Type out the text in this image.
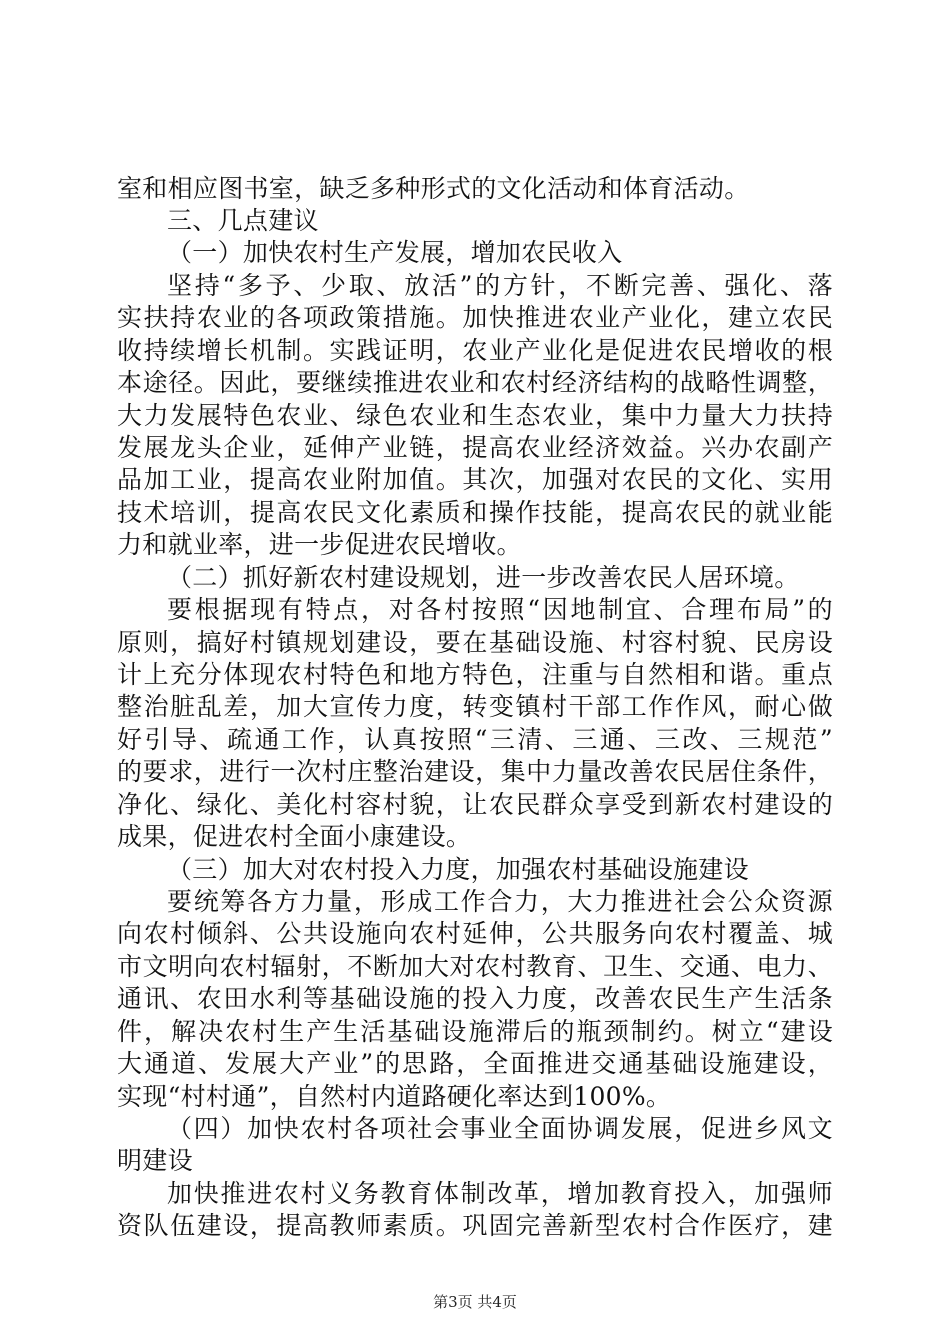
室和相应图书室，缺乏多种形式的文化活动和体育活动。
三、几点建议
（一）加快农村生产发展，增加农民收入
坚持“多予、少取、放活”的方针，不断完善、强化、落
实扶持农业的各项政策措施。加快推进农业产业化，建立农民
收持续增长机制。实践证明，农业产业化是促进农民增收的根
本途径。因此，要继续推进农业和农村经济结构的战略性调整，
大力发展特色农业、绿色农业和生态农业，集中力量大力扶持
发展龙头企业，延伸产业链，提高农业经济效益。兴办农副产
品加工业，提高农业附加值。其次，加强对农民的文化、实用
技术培训，提高农民文化素质和操作技能，提高农民的就业能
力和就业率，进一步促进农民增收。
（二）抓好新农村建设规划，进一步改善农民人居环境。
要根据现有特点，对各村按照“因地制宜、合理布局”的
原则，搞好村镇规划建设，要在基础设施、村容村貌、民房设
计上充分体现农村特色和地方特色，注重与自然相和谐。重点
整治脏乱差，加大宣传力度，转变镇村干部工作作风，耐心做
好引导、疏通工作，认真按照“三清、三通、三改、三规范”
的要求，进行一次村庄整治建设，集中力量改善农民居住条件，
净化、绿化、美化村容村貌，让农民群众享受到新农村建设的
成果，促进农村全面小康建设。
（三）加大对农村投入力度，加强农村基础设施建设
要统筹各方力量，形成工作合力，大力推进社会公众资源
向农村倾斜、公共设施向农村延伸，公共服务向农村覆盖、城
市文明向农村辐射，不断加大对农村教育、卫生、交通、电力、
通讯、农田水利等基础设施的投入力度，改善农民生产生活条
件，解决农村生产生活基础设施滞后的瓶颈制约。树立“建设
大通道、发展大产业”的思路，全面推进交通基础设施建设，
实现“村村通”，自然村内道路硬化率达到100%。
（四）加快农村各项社会事业全面协调发展，促进乡风文
明建设
加快推进农村义务教育体制改革，增加教育投入，加强师
资队伍建设，提高教师素质。巩固完善新型农村合作医疗，建
第3页 共4页
